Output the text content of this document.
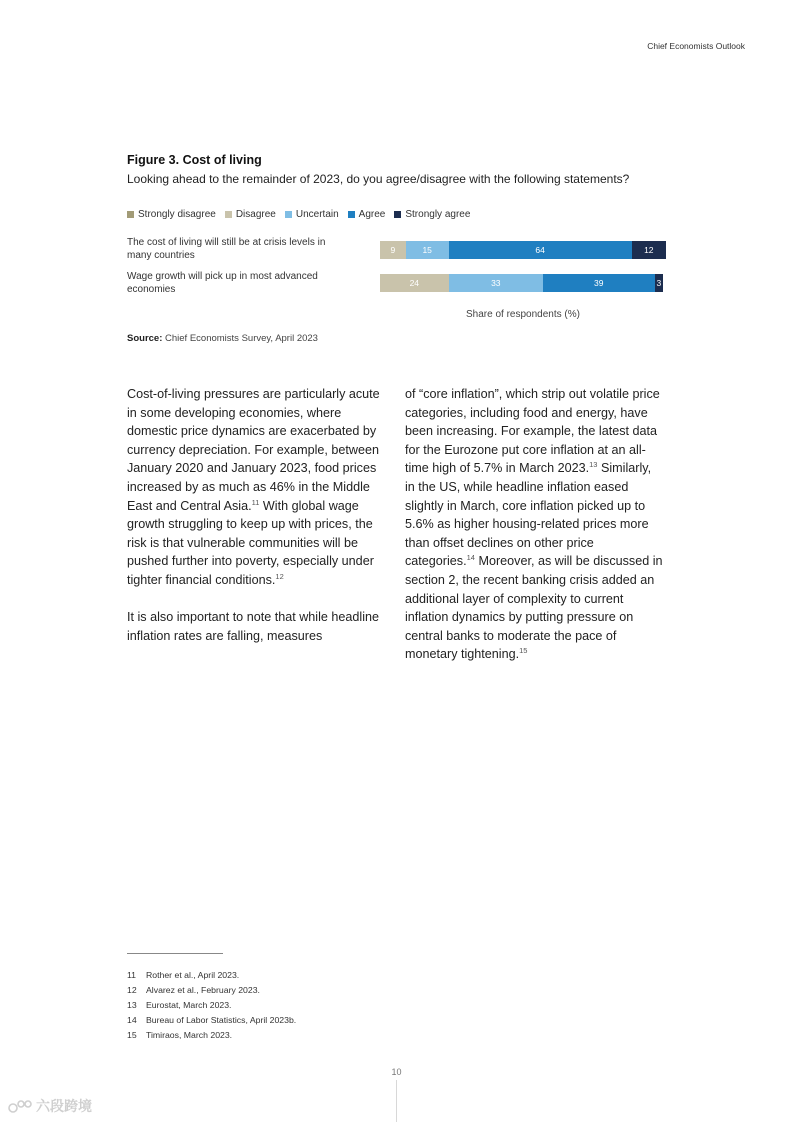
Chief Economists Outlook
Figure 3. Cost of living
Looking ahead to the remainder of 2023, do you agree/disagree with the following statements?
Strongly disagree Disagree Uncertain Agree Strongly agree
The cost of living will still be at crisis levels in many countries	9	15	64	12
Wage growth will pick up in most advanced economies
24	33	39	3
Share of respondents (%)
Source: Chief Economists Survey, April 2023

Cost-of-living pressures are particularly acute in some developing economies, where domestic price dynamics are exacerbated by currency depreciation. For example, between January 2020 and January 2023, food prices increased by as much as 46% in the Middle East and Central Asia.$^{11}$ With global wage growth struggling to keep up with prices, the risk is that vulnerable communities will be pushed further into poverty, especially under tighter financial conditions.$^{12}$

It is also important to note that while headline inflation rates are falling, measures

of “core inflation”, which strip out volatile price categories, including food and energy, have been increasing. For example, the latest data for the Eurozone put core inflation at an all-time high of 5.7% in March 2023.13 Similarly, in the US, while headline inflation eased slightly in March, core inflation picked up to 5.6% as higher housing-related prices more than offset declines on other price categories.$^{14}$ Moreover, as will be discussed in section 2, the recent banking crisis added an additional layer of complexity to current inflation dynamics by putting pressure on central banks to moderate the pace of monetary tightening.$^{15}$

11	Rother et al., April 2023.
12	Alvarez et al., February 2023.
13	Eurostat, March 2023.
14	Bureau of Labor Statistics, April 2023b.
15	Timiraos, March 2023.
10
六段跨境
